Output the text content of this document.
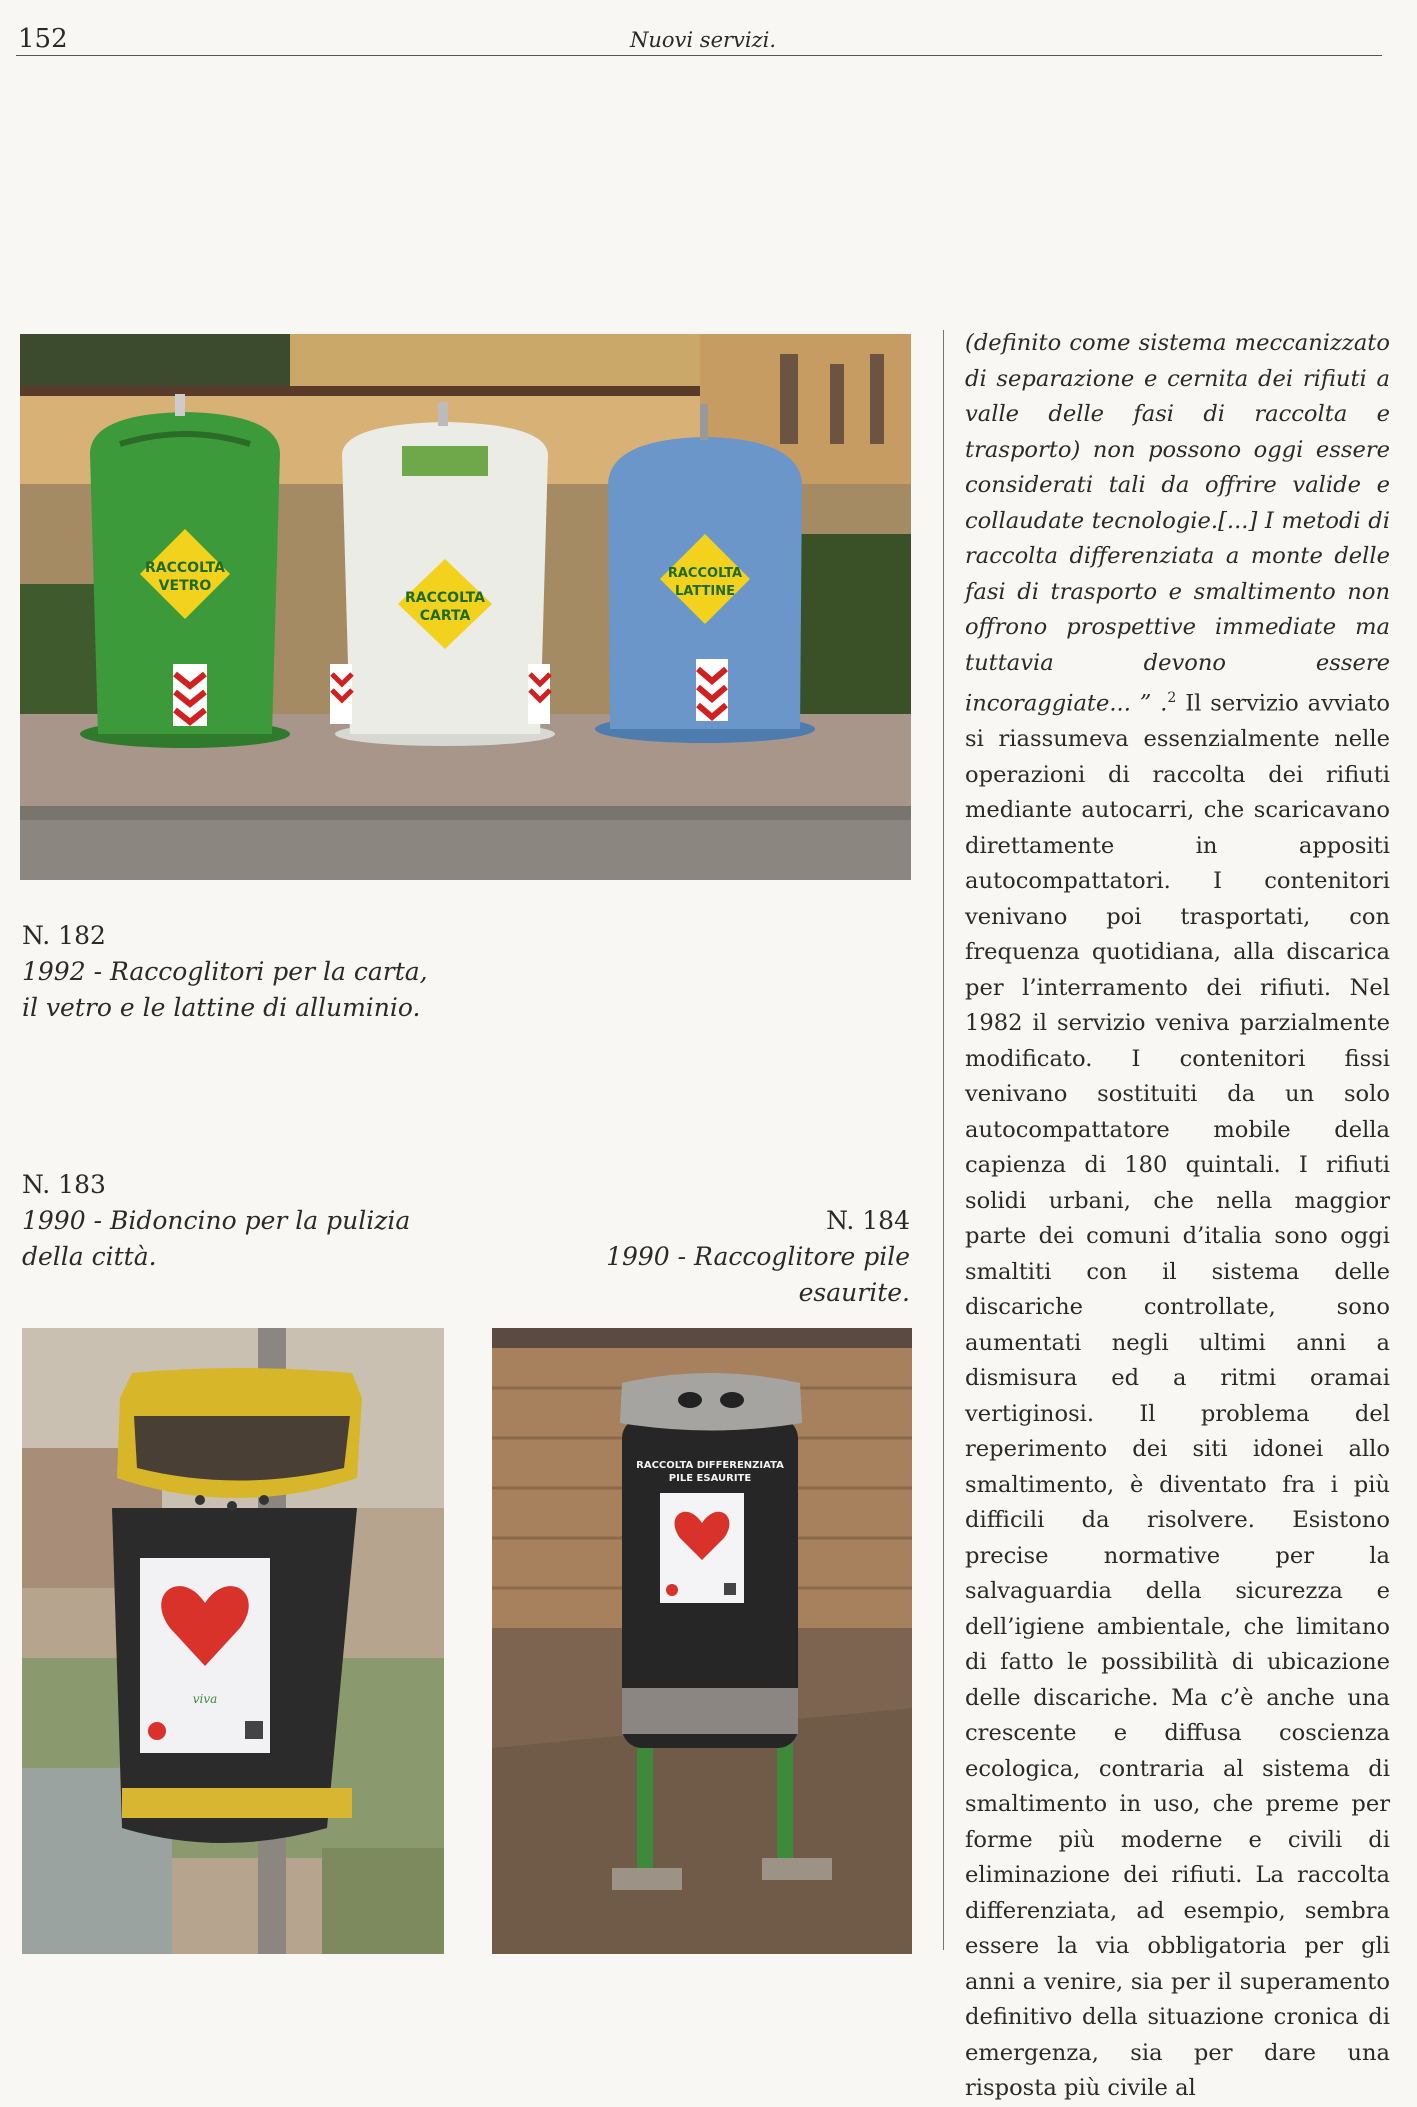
152	Nuovi servizi.
RACCOLTA
VETRO
RACCOLTA
CARTA
RACCOLTA
LATTINE
N. 182
1992 - Raccoglitori per la carta,
il vetro e le lattine di alluminio.
N. 183
1990 - Bidoncino per la pulizia
della città.
N. 184
1990 - Raccoglitore pile esaurite.
viva
RACCOLTA DIFFERENZIATA
PILE ESAURITE
(definito come sistema meccanizzato di separazione e cernita dei rifiuti a valle delle fasi di raccolta e trasporto) non possono oggi essere considerati tali da offrire valide e collaudate tecnologie.[...] I metodi di raccolta differenziata a monte delle fasi di trasporto e smaltimento non offrono prospettive immediate ma tuttavia devono essere incoraggiate... ” .$^2$ Il servizio avviato si riassumeva essenzialmente nelle operazioni di raccolta dei rifiuti mediante autocarri, che scaricavano direttamente in appositi autocompattatori. I contenitori venivano poi trasportati, con frequenza quotidiana, alla discarica per l’interramento dei rifiuti. Nel 1982 il servizio veniva parzialmente modificato. I contenitori fissi venivano sostituiti da un solo autocompattatore mobile della capienza di 180 quintali. I rifiuti solidi urbani, che nella maggior parte dei comuni d’italia sono oggi smaltiti con il sistema delle discariche controllate, sono aumentati negli ultimi anni a dismisura ed a ritmi oramai vertiginosi. Il problema del reperimento dei siti idonei allo smaltimento, è diventato fra i più difficili da risolvere. Esistono precise normative per la salvaguardia della sicurezza e dell’igiene ambientale, che limitano di fatto le possibilità di ubicazione delle discariche. Ma c’è anche una crescente e diffusa coscienza ecologica, contraria al sistema di smaltimento in uso, che preme per forme più moderne e civili di eliminazione dei rifiuti. La raccolta differenziata, ad esempio, sembra essere la via obbligatoria per gli anni a venire, sia per il superamento definitivo della situazione cronica di emergenza, sia per dare una risposta più civile al
